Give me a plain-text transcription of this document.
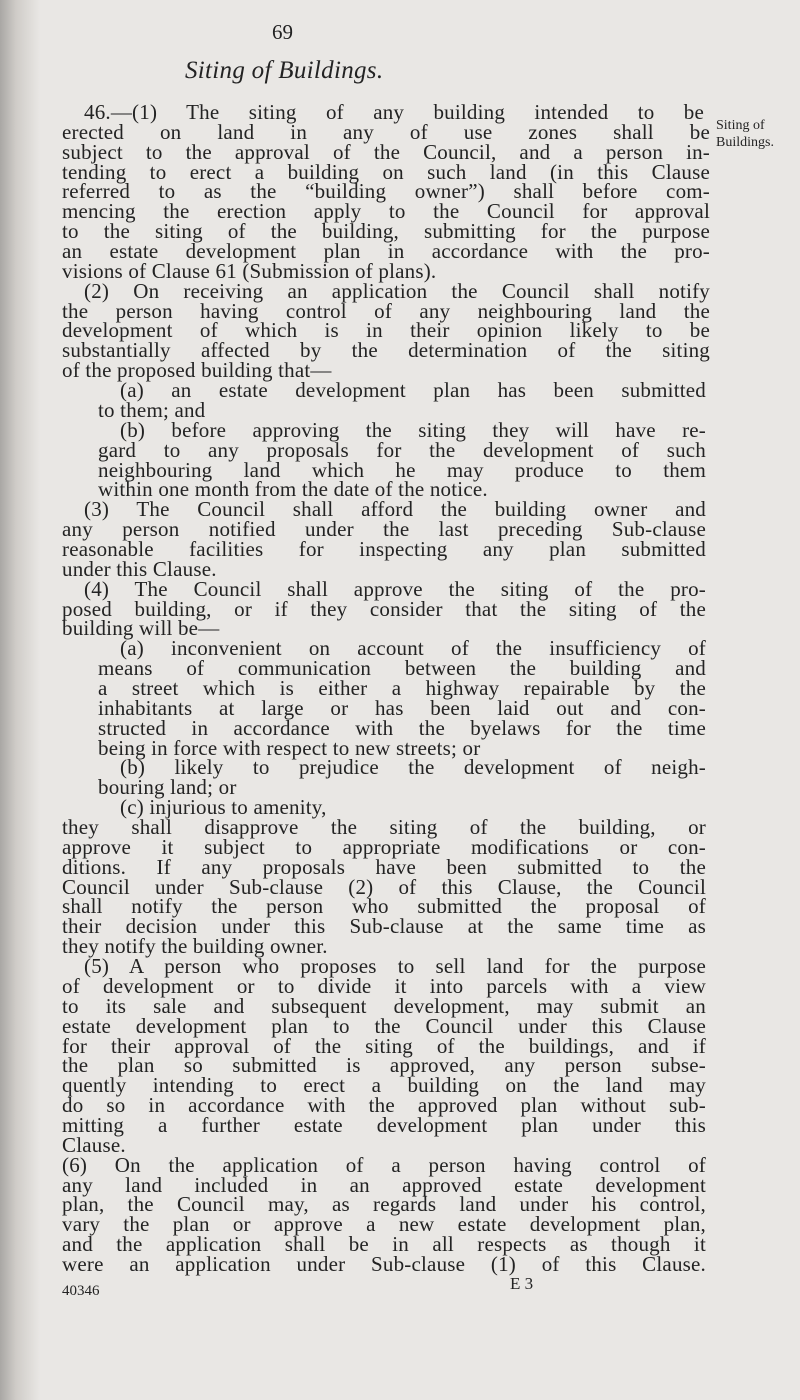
69
Siting of Buildings.
Siting of
Buildings.
46.—(1) The siting of any building intended to be
erected on land in any of use zones shall be
subject to the approval of the Council, and a person in-
tending to erect a building on such land (in this Clause
referred to as the “building owner”) shall before com-
mencing the erection apply to the Council for approval
to the siting of the building, submitting for the purpose
an estate development plan in accordance with the pro-
visions of Clause 61 (Submission of plans).
(2) On receiving an application the Council shall notify
the person having control of any neighbouring land the
development of which is in their opinion likely to be
substantially affected by the determination of the siting
of the proposed building that—
(a) an estate development plan has been submitted
to them; and
(b) before approving the siting they will have re-
gard to any proposals for the development of such
neighbouring land which he may produce to them
within one month from the date of the notice.
(3) The Council shall afford the building owner and
any person notified under the last preceding Sub-clause
reasonable facilities for inspecting any plan submitted
under this Clause.
(4) The Council shall approve the siting of the pro-
posed building, or if they consider that the siting of the
building will be—
(a) inconvenient on account of the insufficiency of
means of communication between the building and
a street which is either a highway repairable by the
inhabitants at large or has been laid out and con-
structed in accordance with the byelaws for the time
being in force with respect to new streets; or
(b) likely to prejudice the development of neigh-
bouring land; or
(c) injurious to amenity,
they shall disapprove the siting of the building, or
approve it subject to appropriate modifications or con-
ditions. If any proposals have been submitted to the
Council under Sub-clause (2) of this Clause, the Council
shall notify the person who submitted the proposal of
their decision under this Sub-clause at the same time as
they notify the building owner.
(5) A person who proposes to sell land for the purpose
of development or to divide it into parcels with a view
to its sale and subsequent development, may submit an
estate development plan to the Council under this Clause
for their approval of the siting of the buildings, and if
the plan so submitted is approved, any person subse-
quently intending to erect a building on the land may
do so in accordance with the approved plan without sub-
mitting a further estate development plan under this
Clause.
(6) On the application of a person having control of
any land included in an approved estate development
plan, the Council may, as regards land under his control,
vary the plan or approve a new estate development plan,
and the application shall be in all respects as though it
were an application under Sub-clause (1) of this Clause.
40346	E 3
